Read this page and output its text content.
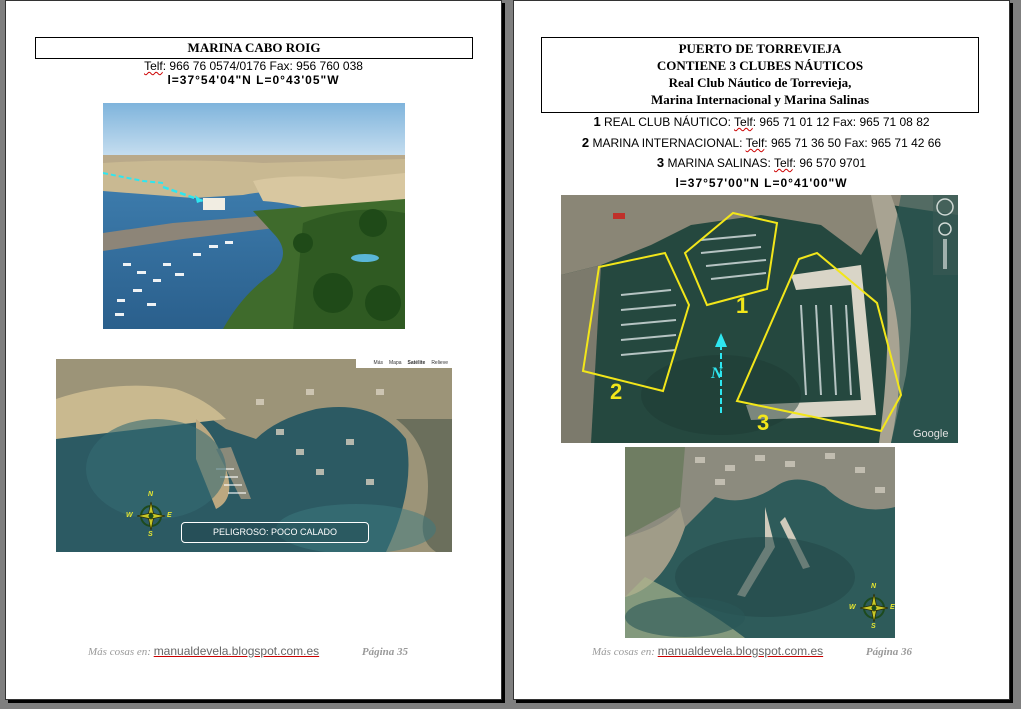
MARINA CABO ROIG
Telf: 966 76 0574/0176 Fax: 956 760 038
l=37°54'04"N L=0°43'05"W
Más Mapa Satélite Relieve
N
S
E
W
PELIGROSO: POCO CALADO
Más cosas en: manualdevela.blogspot.com.es	Página 35
PUERTO DE TORREVIEJA
CONTIENE 3 CLUBES NÁUTICOS
Real Club Náutico de Torrevieja,
Marina Internacional y Marina Salinas
1 REAL CLUB NÁUTICO: Telf: 965 71 01 12 Fax: 965 71 08 82
2 MARINA INTERNACIONAL: Telf: 965 71 36 50 Fax: 965 71 42 66
3 MARINA SALINAS: Telf: 96 570 9701
l=37°57'00"N L=0°41'00"W
1
2
3
N
Google
N
S
E
W
Más cosas en: manualdevela.blogspot.com.es	Página 36
